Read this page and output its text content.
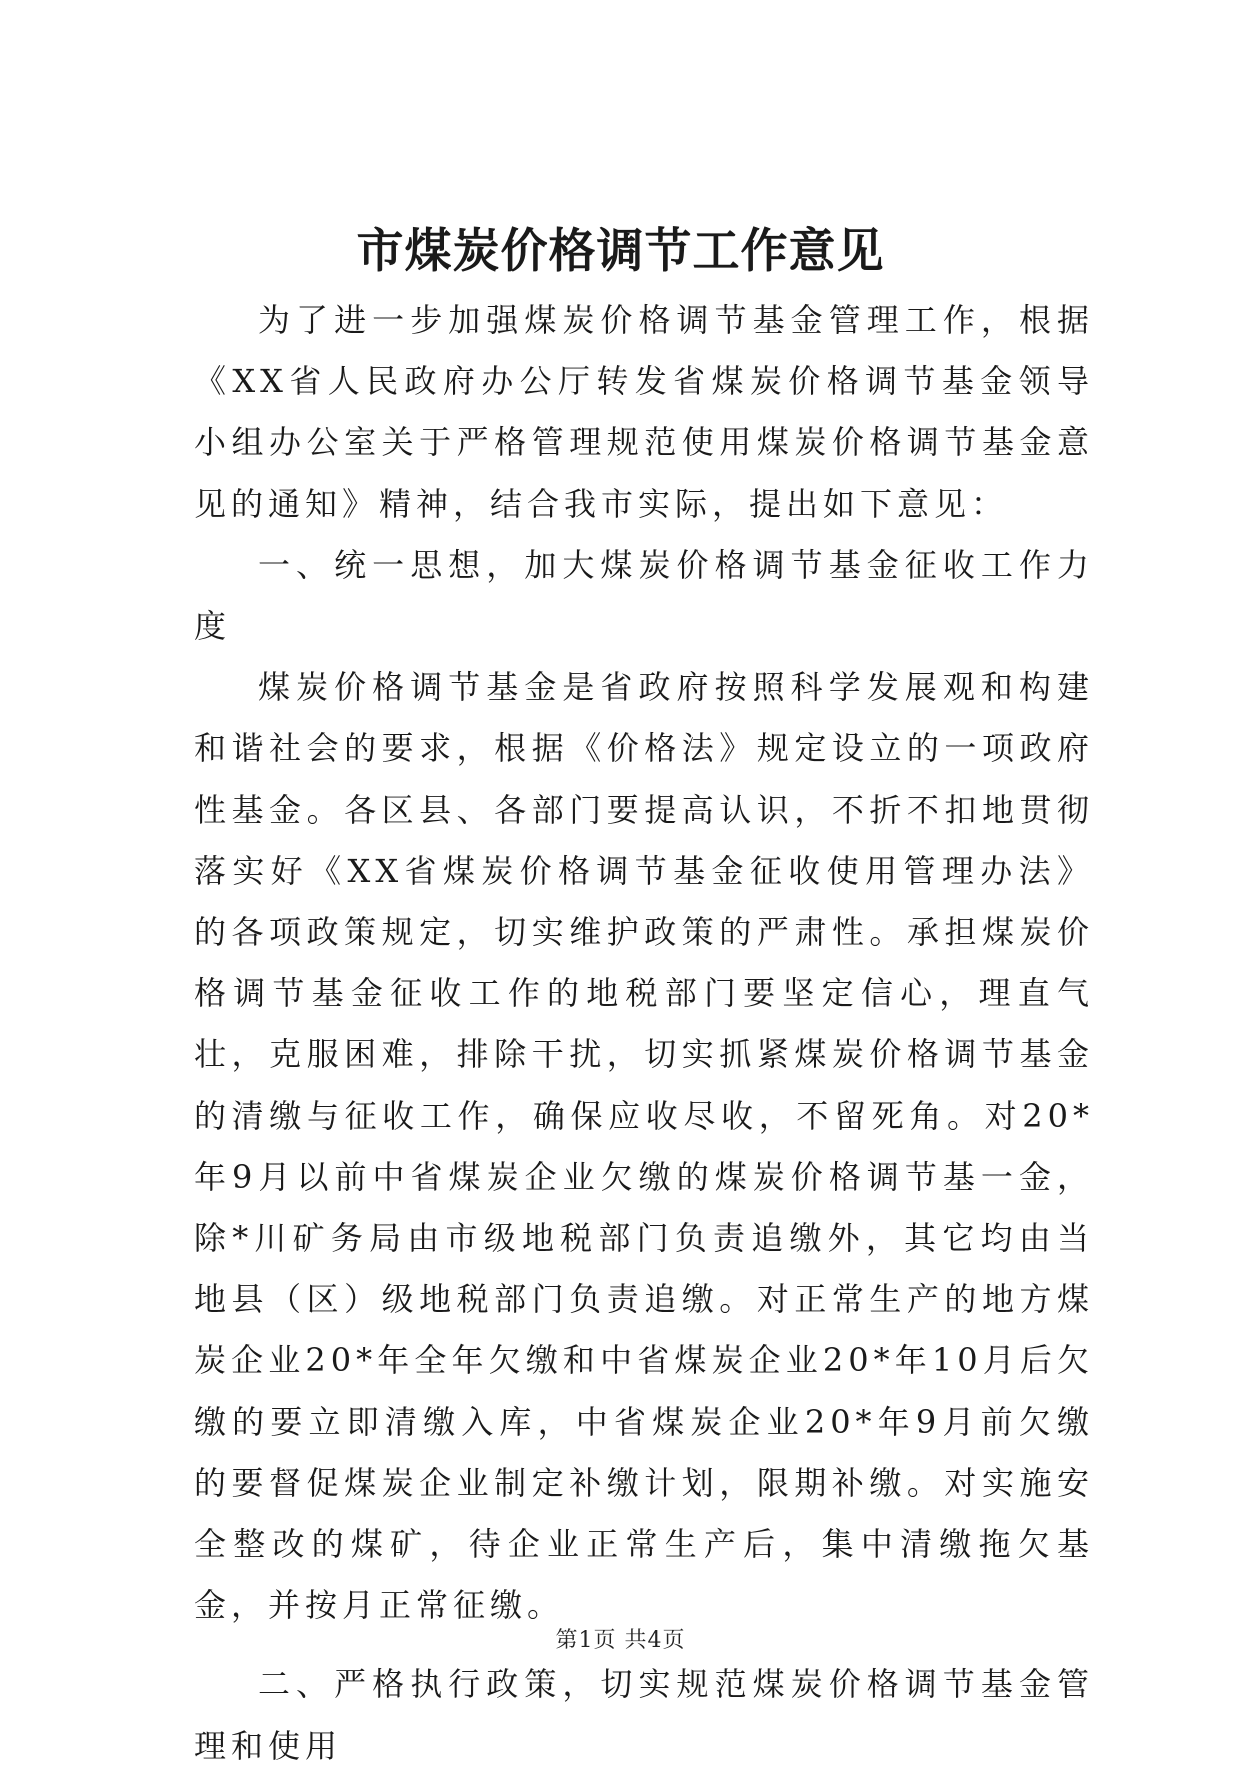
市煤炭价格调节工作意见

为了进一步加强煤炭价格调节基金管理工作，根据《XX省人民政府办公厅转发省煤炭价格调节基金领导小组办公室关于严格管理规范使用煤炭价格调节基金意见的通知》精神，结合我市实际，提出如下意见：

一、统一思想，加大煤炭价格调节基金征收工作力度

煤炭价格调节基金是省政府按照科学发展观和构建和谐社会的要求，根据《价格法》规定设立的一项政府性基金。各区县、各部门要提高认识，不折不扣地贯彻落实好《XX省煤炭价格调节基金征收使用管理办法》的各项政策规定，切实维护政策的严肃性。承担煤炭价格调节基金征收工作的地税部门要坚定信心，理直气壮，克服困难，排除干扰，切实抓紧煤炭价格调节基金的清缴与征收工作，确保应收尽收，不留死角。对20*年9月以前中省煤炭企业欠缴的煤炭价格调节基一金，除*川矿务局由市级地税部门负责追缴外，其它均由当地县（区）级地税部门负责追缴。对正常生产的地方煤炭企业20*年全年欠缴和中省煤炭企业20*年10月后欠缴的要立即清缴入库，中省煤炭企业20*年9月前欠缴的要督促煤炭企业制定补缴计划，限期补缴。对实施安全整改的煤矿，待企业正常生产后，集中清缴拖欠基金，并按月正常征缴。

二、严格执行政策，切实规范煤炭价格调节基金管理和使用

第1页 共4页
